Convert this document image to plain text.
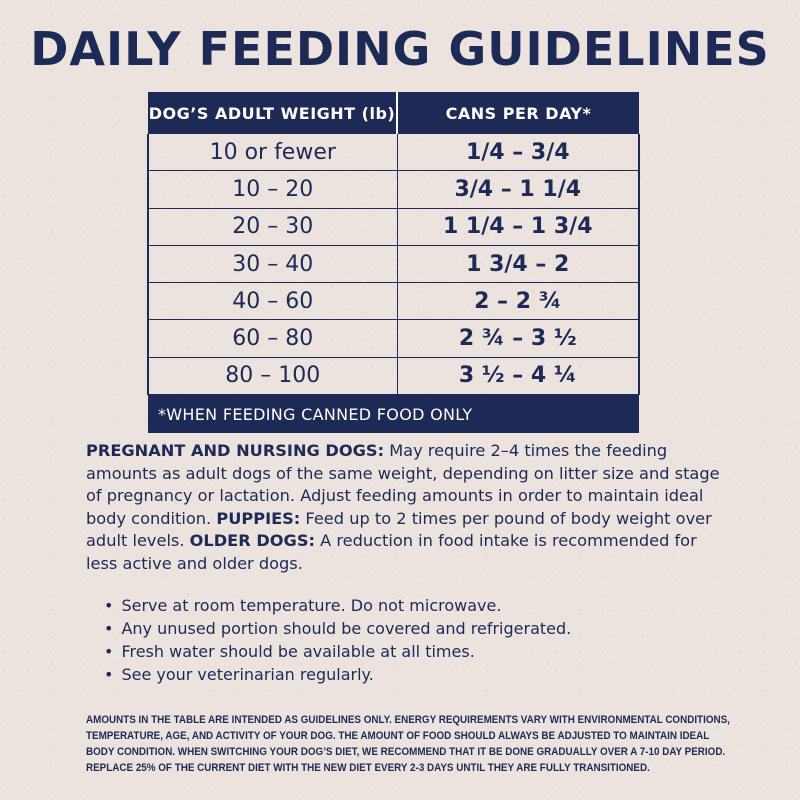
DAILY FEEDING GUIDELINES
DOG’S ADULT WEIGHT (lb)	CANS PER DAY*
10 or fewer	1/4 – 3/4
10 – 20	3/4 – 1 1/4
20 – 30	1 1/4 – 1 3/4
30 – 40	1 3/4 – 2
40 – 60	2 – 2 ¾
60 – 80	2 ¾ – 3 ½
80 – 100	3 ½ – 4 ¼
*WHEN FEEDING CANNED FOOD ONLY	

PREGNANT AND NURSING DOGS: May require 2–4 times the feeding amounts as adult dogs of the same weight, depending on litter size and stage of pregnancy or lactation. Adjust feeding amounts in order to maintain ideal body condition. PUPPIES: Feed up to 2 times per pound of body weight over adult levels. OLDER DOGS: A reduction in food intake is recommended for less active and older dogs.

• Serve at room temperature. Do not microwave.
• Any unused portion should be covered and refrigerated.
• Fresh water should be available at all times.
• See your veterinarian regularly.

AMOUNTS IN THE TABLE ARE INTENDED AS GUIDELINES ONLY. ENERGY REQUIREMENTS VARY WITH ENVIRONMENTAL CONDITIONS, TEMPERATURE, AGE, AND ACTIVITY OF YOUR DOG. THE AMOUNT OF FOOD SHOULD ALWAYS BE ADJUSTED TO MAINTAIN IDEAL BODY CONDITION. WHEN SWITCHING YOUR DOG’S DIET, WE RECOMMEND THAT IT BE DONE GRADUALLY OVER A 7-10 DAY PERIOD. REPLACE 25% OF THE CURRENT DIET WITH THE NEW DIET EVERY 2-3 DAYS UNTIL THEY ARE FULLY TRANSITIONED.
